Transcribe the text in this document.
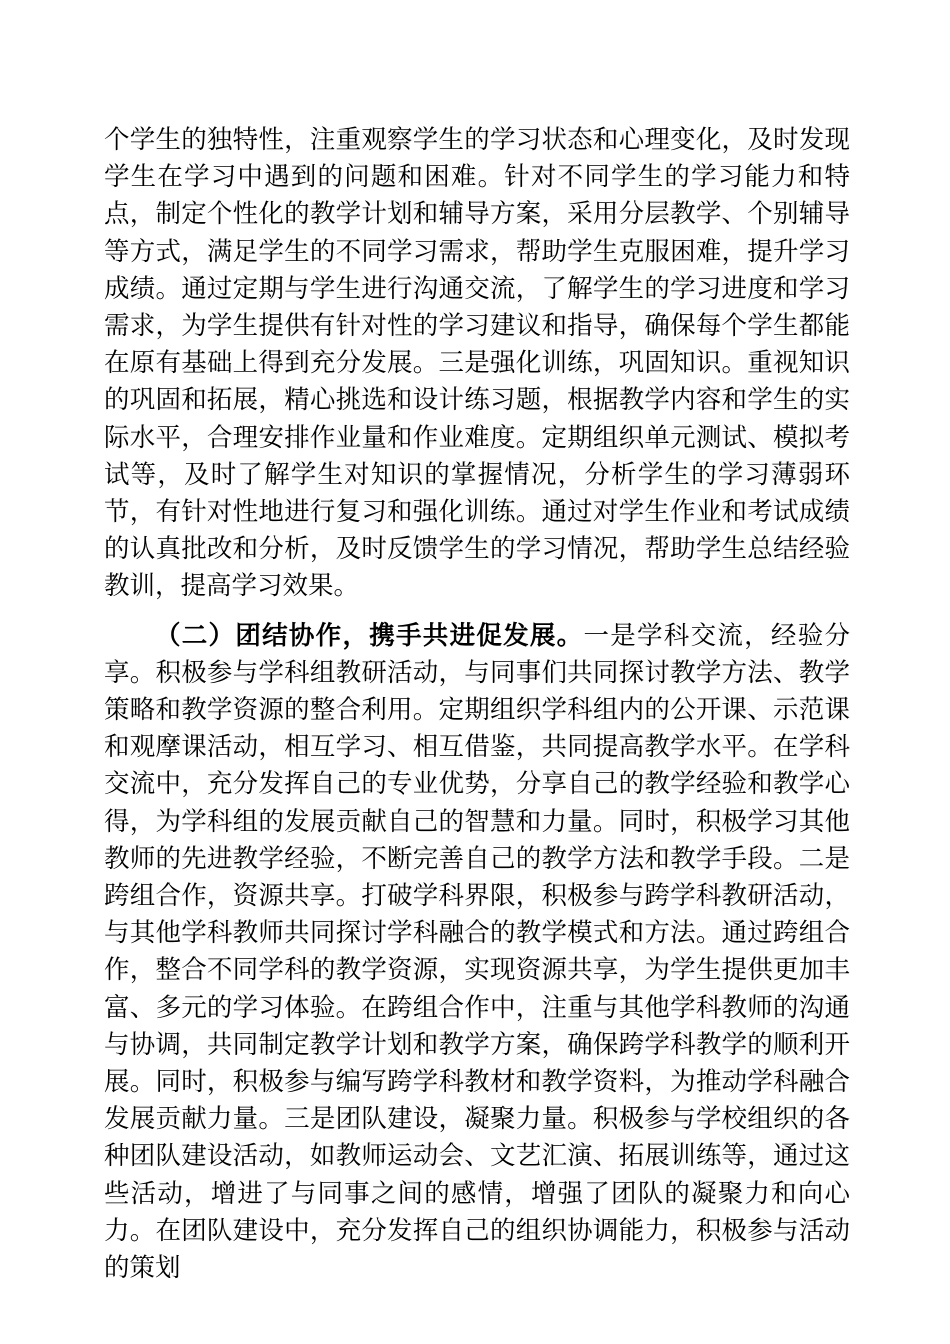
个学生的独特性，注重观察学生的学习状态和心理变化，及时发现学生在学习中遇到的问题和困难。针对不同学生的学习能力和特点，制定个性化的教学计划和辅导方案，采用分层教学、个别辅导等方式，满足学生的不同学习需求，帮助学生克服困难，提升学习成绩。通过定期与学生进行沟通交流，了解学生的学习进度和学习需求，为学生提供有针对性的学习建议和指导，确保每个学生都能在原有基础上得到充分发展。三是强化训练，巩固知识。重视知识的巩固和拓展，精心挑选和设计练习题，根据教学内容和学生的实际水平，合理安排作业量和作业难度。定期组织单元测试、模拟考试等，及时了解学生对知识的掌握情况，分析学生的学习薄弱环节，有针对性地进行复习和强化训练。通过对学生作业和考试成绩的认真批改和分析，及时反馈学生的学习情况，帮助学生总结经验教训，提高学习效果。

（二）团结协作，携手共进促发展。一是学科交流，经验分享。积极参与学科组教研活动，与同事们共同探讨教学方法、教学策略和教学资源的整合利用。定期组织学科组内的公开课、示范课和观摩课活动，相互学习、相互借鉴，共同提高教学水平。在学科交流中，充分发挥自己的专业优势，分享自己的教学经验和教学心得，为学科组的发展贡献自己的智慧和力量。同时，积极学习其他教师的先进教学经验，不断完善自己的教学方法和教学手段。二是跨组合作，资源共享。打破学科界限，积极参与跨学科教研活动，与其他学科教师共同探讨学科融合的教学模式和方法。通过跨组合作，整合不同学科的教学资源，实现资源共享，为学生提供更加丰富、多元的学习体验。在跨组合作中，注重与其他学科教师的沟通与协调，共同制定教学计划和教学方案，确保跨学科教学的顺利开展。同时，积极参与编写跨学科教材和教学资料，为推动学科融合发展贡献力量。三是团队建设，凝聚力量。积极参与学校组织的各种团队建设活动，如教师运动会、文艺汇演、拓展训练等，通过这些活动，增进了与同事之间的感情，增强了团队的凝聚力和向心力。在团队建设中，充分发挥自己的组织协调能力，积极参与活动的策划
